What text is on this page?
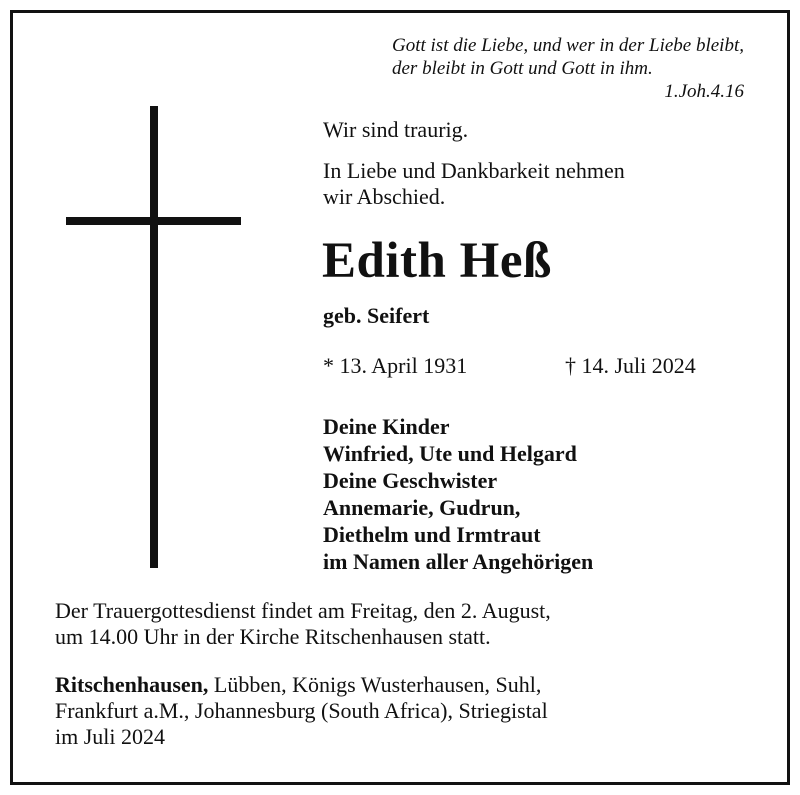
Gott ist die Liebe, und wer in der Liebe bleibt,
der bleibt in Gott und Gott in ihm.
1.Joh.4.16
Wir sind traurig.
In Liebe und Dankbarkeit nehmen
wir Abschied.
Edith Heß
geb. Seifert
* 13. April 1931	† 14. Juli 2024
Deine Kinder
Winfried, Ute und Helgard
Deine Geschwister
Annemarie, Gudrun,
Diethelm und Irmtraut
im Namen aller Angehörigen
Der Trauergottesdienst findet am Freitag, den 2. August,
um 14.00 Uhr in der Kirche Ritschenhausen statt.
Ritschenhausen, Lübben, Königs Wusterhausen, Suhl,
Frankfurt a.M., Johannesburg (South Africa), Striegistal
im Juli 2024
